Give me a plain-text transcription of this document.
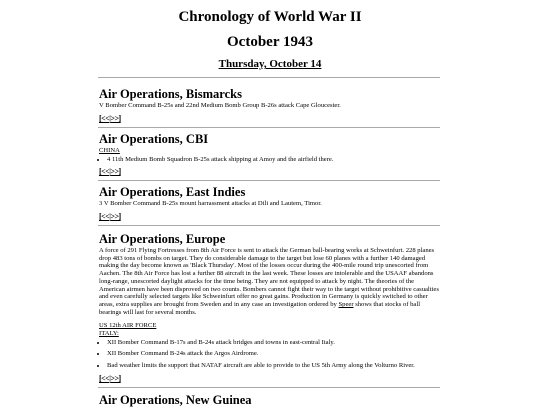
Chronology of World War II
October 1943
Thursday, October 14
Air Operations, Bismarcks
V Bomber Command B-25s and 22nd Medium Bomb Group B-26s attack Cape Gloucester.
[<<|>>]
Air Operations, CBI
CHINA
• 4 11th Medium Bomb Squadron B-25s attack shipping at Amoy and the airfield there.
[<<|>>]
Air Operations, East Indies
3 V Bomber Command B-25s mount harrassment attacks at Dili and Lautem, Timor.
[<<|>>]
Air Operations, Europe
A force of 291 Flying Fortresses from 8th Air Force is sent to attack the German ball-bearing works at Schweinfurt. 228 planes drop 483 tons of bombs on target. They do considerable damage to the target but lose 60 planes with a further 140 damaged making the day become known as 'Black Thursday'. Most of the losses occur during the 400-mile round trip unescorted from Aachen. The 8th Air Force has lost a further 88 aircraft in the last week. These losses are intolerable and the USAAF abandons long-range, unescorted daylight attacks for the time being. They are not equipped to attack by night. The theories of the American airmen have been disproved on two counts. Bombers cannot fight their way to the target without prohibitive casualties and even carefully selected targets like Schweinfurt offer no great gains. Production in Germany is quickly switched to other areas, extra supplies are brought from Sweden and in any case an investigation ordered by Speer shows that stocks of ball bearings will last for several months.
US 12th AIR FORCE
ITALY:
• XII Bomber Command B-17s and B-24s attack bridges and towns in east-central Italy.
• XII Bomber Command B-24s attack the Argos Airdrome.
• Bad weather limits the support that NATAF aircraft are able to provide to the US 5th Army along the Volturno River.
[<<|>>]
Air Operations, New Guinea
